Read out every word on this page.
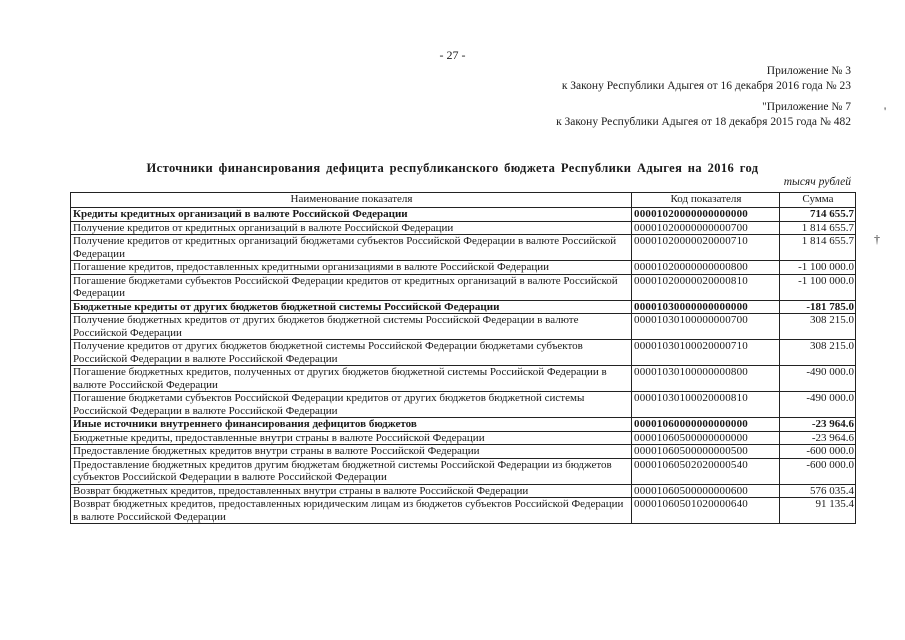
- 27 -
Приложение № 3
к Закону Республики Адыгея от 16 декабря 2016 года № 23
"Приложение № 7
к Закону Республики Адыгея от 18 декабря 2015 года № 482
Источники финансирования дефицита республиканского бюджета Республики Адыгея на 2016 год
тысяч рублей
Наименование показателя	Код показателя	Сумма
Кредиты кредитных организаций в валюте Российской Федерации	00001020000000000000	714 655.7
Получение кредитов от кредитных организаций в валюте Российской Федерации	00001020000000000700	1 814 655.7
Получение кредитов от кредитных организаций бюджетами субъектов Российской Федерации в валюте Российской Федерации	00001020000020000710	1 814 655.7
Погашение кредитов, предоставленных кредитными организациями в валюте Российской Федерации	00001020000000000800	-1 100 000.0
Погашение бюджетами субъектов Российской Федерации кредитов от кредитных организаций в валюте Российской Федерации	00001020000020000810	-1 100 000.0
Бюджетные кредиты от других бюджетов бюджетной системы Российской Федерации	00001030000000000000	-181 785.0
Получение бюджетных кредитов от других бюджетов бюджетной системы Российской Федерации в валюте Российской Федерации	00001030100000000700	308 215.0
Получение кредитов от других бюджетов бюджетной системы Российской Федерации бюджетами субъектов Российской Федерации в валюте Российской Федерации	00001030100020000710	308 215.0
Погашение бюджетных кредитов, полученных от других бюджетов бюджетной системы Российской Федерации в валюте Российской Федерации	00001030100000000800	-490 000.0
Погашение бюджетами субъектов Российской Федерации кредитов от других бюджетов бюджетной системы Российской Федерации в валюте Российской Федерации	00001030100020000810	-490 000.0
Иные источники внутреннего финансирования дефицитов бюджетов	00001060000000000000	-23 964.6
Бюджетные кредиты, предоставленные внутри страны в валюте Российской Федерации	00001060500000000000	-23 964.6
Предоставление бюджетных кредитов внутри страны в валюте Российской Федерации	00001060500000000500	-600 000.0
Предоставление бюджетных кредитов другим бюджетам бюджетной системы Российской Федерации из бюджетов субъектов Российской Федерации в валюте Российской Федерации	00001060502020000540	-600 000.0
Возврат бюджетных кредитов, предоставленных внутри страны в валюте Российской Федерации	00001060500000000600	576 035.4
Возврат бюджетных кредитов, предоставленных юридическим лицам из бюджетов субъектов Российской Федерации в валюте Российской Федерации	00001060501020000640	91 135.4
†
'
